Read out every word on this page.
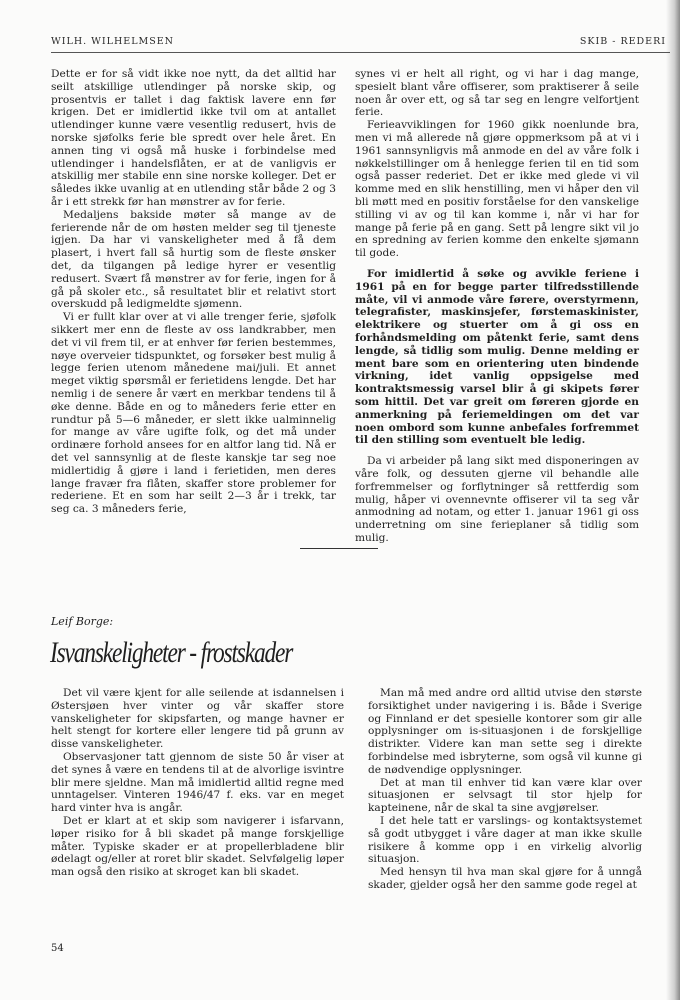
WILH. WILHELMSEN	SKIB - REDERI

Dette er for så vidt ikke noe nytt, da det alltid har seilt atskillige utlendinger på norske skip, og prosentvis er tallet i dag faktisk lavere enn før krigen. Det er imidlertid ikke tvil om at antallet utlendinger kunne være vesentlig redusert, hvis de norske sjøfolks ferie ble spredt over hele året. En annen ting vi også må huske i forbindelse med utlendinger i handelsflåten, er at de vanligvis er atskillig mer stabile enn sine norske kolleger. Det er således ikke uvanlig at en utlending står både 2 og 3 år i ett strekk før han mønstrer av for ferie.

Medaljens bakside møter så mange av de ferierende når de om høsten melder seg til tjeneste igjen. Da har vi vanskeligheter med å få dem plasert, i hvert fall så hurtig som de fleste ønsker det, da tilgangen på ledige hyrer er vesentlig redusert. Svært få mønstrer av for ferie, ingen for å gå på skoler etc., så resultatet blir et relativt stort overskudd på ledigmeldte sjømenn.

Vi er fullt klar over at vi alle trenger ferie, sjøfolk sikkert mer enn de fleste av oss landkrabber, men det vi vil frem til, er at enhver før ferien bestemmes, nøye overveier tidspunktet, og forsøker best mulig å legge ferien utenom månedene mai/juli. Et annet meget viktig spørsmål er ferietidens lengde. Det har nemlig i de senere år vært en merkbar tendens til å øke denne. Både en og to måneders ferie etter en rundtur på 5—6 måneder, er slett ikke ualminnelig for mange av våre ugifte folk, og det må under ordinære forhold ansees for en altfor lang tid. Nå er det vel sannsynlig at de fleste kanskje tar seg noe midlertidig å gjøre i land i ferietiden, men deres lange fravær fra flåten, skaffer store problemer for rederiene. Et en som har seilt 2—3 år i trekk, tar seg ca. 3 måneders ferie,

synes vi er helt all right, og vi har i dag mange, spesielt blant våre offiserer, som praktiserer å seile noen år over ett, og så tar seg en lengre velfortjent ferie.

Ferieavviklingen for 1960 gikk noenlunde bra, men vi må allerede nå gjøre oppmerksom på at vi i 1961 sannsynligvis må anmode en del av våre folk i nøkkelstillinger om å henlegge ferien til en tid som også passer rederiet. Det er ikke med glede vi vil komme med en slik henstilling, men vi håper den vil bli møtt med en positiv forståelse for den vanskelige stilling vi av og til kan komme i, når vi har for mange på ferie på en gang. Sett på lengre sikt vil jo en spredning av ferien komme den enkelte sjømann til gode.

For imidlertid å søke og avvikle feriene i 1961 på en for begge parter tilfredsstillende måte, vil vi anmode våre førere, overstyrmenn, telegrafister, maskinsjefer, førstemaskinister, elektrikere og stuerter om å gi oss en forhåndsmelding om påtenkt ferie, samt dens lengde, så tidlig som mulig. Denne melding er ment bare som en orientering uten bindende virkning, idet vanlig oppsigelse med kontraktsmessig varsel blir å gi skipets fører som hittil. Det var greit om føreren gjorde en anmerkning på feriemeldingen om det var noen ombord som kunne anbefales forfremmet til den stilling som eventuelt ble ledig.

Da vi arbeider på lang sikt med disponeringen av våre folk, og dessuten gjerne vil behandle alle forfremmelser og forflytninger så rettferdig som mulig, håper vi ovennevnte offiserer vil ta seg vår anmodning ad notam, og etter 1. januar 1961 gi oss underretning om sine ferieplaner så tidlig som mulig.

Leif Borge:
Isvanskeligheter - frostskader

Det vil være kjent for alle seilende at isdannelsen i Østersjøen hver vinter og vår skaffer store vanskeligheter for skipsfarten, og mange havner er helt stengt for kortere eller lengere tid på grunn av disse vanskeligheter.

Observasjoner tatt gjennom de siste 50 år viser at det synes å være en tendens til at de alvorlige isvintre blir mere sjeldne. Man må imidlertid alltid regne med unntagelser. Vinteren 1946/47 f. eks. var en meget hard vinter hva is angår.

Det er klart at et skip som navigerer i isfarvann, løper risiko for å bli skadet på mange forskjellige måter. Typiske skader er at propellerbladene blir ødelagt og/eller at roret blir skadet. Selvfølgelig løper man også den risiko at skroget kan bli skadet.

Man må med andre ord alltid utvise den største forsiktighet under navigering i is. Både i Sverige og Finnland er det spesielle kontorer som gir alle opplysninger om is-situasjonen i de forskjellige distrikter. Videre kan man sette seg i direkte forbindelse med isbryterne, som også vil kunne gi de nødvendige opplysninger.

Det at man til enhver tid kan være klar over situasjonen er selvsagt til stor hjelp for kapteinene, når de skal ta sine avgjørelser.

I det hele tatt er varslings- og kontaktsystemet så godt utbygget i våre dager at man ikke skulle risikere å komme opp i en virkelig alvorlig situasjon.

Med hensyn til hva man skal gjøre for å unngå skader, gjelder også her den samme gode regel at

54
